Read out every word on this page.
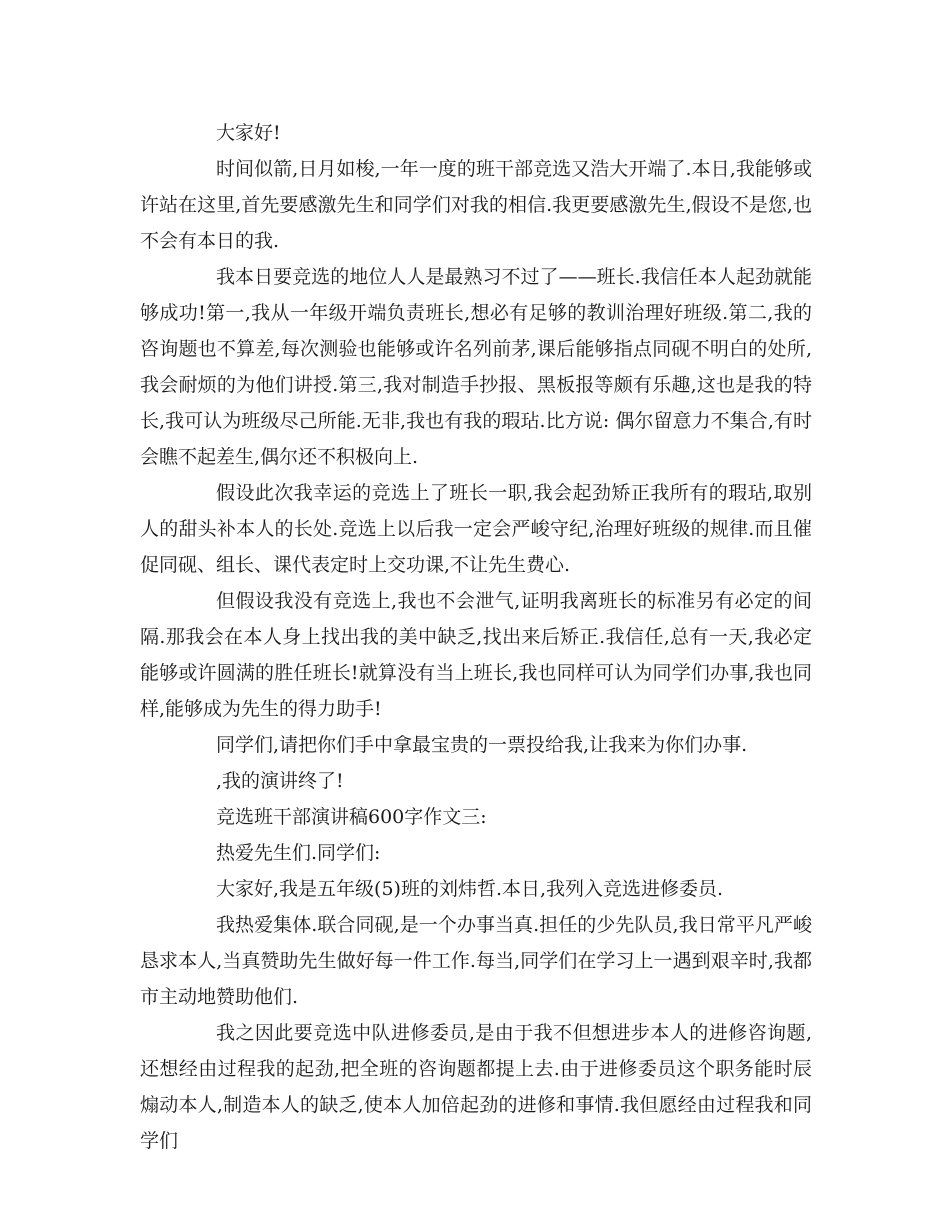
大家好!

时间似箭,日月如梭,一年一度的班干部竞选又浩大开端了.本日,我能够或许站在这里,首先要感激先生和同学们对我的相信.我更要感激先生,假设不是您,也不会有本日的我.

我本日要竞选的地位人人是最熟习不过了——班长.我信任本人起劲就能够成功!第一,我从一年级开端负责班长,想必有足够的教训治理好班级.第二,我的咨询题也不算差,每次测验也能够或许名列前茅,课后能够指点同砚不明白的处所,我会耐烦的为他们讲授.第三,我对制造手抄报、黑板报等颇有乐趣,这也是我的特长,我可认为班级尽己所能.无非,我也有我的瑕玷.比方说: 偶尔留意力不集合,有时会瞧不起差生,偶尔还不积极向上.

假设此次我幸运的竞选上了班长一职,我会起劲矫正我所有的瑕玷,取别人的甜头补本人的长处.竞选上以后我一定会严峻守纪,治理好班级的规律.而且催促同砚、组长、课代表定时上交功课,不让先生费心.

但假设我没有竞选上,我也不会泄气,证明我离班长的标准另有必定的间隔.那我会在本人身上找出我的美中缺乏,找出来后矫正.我信任,总有一天,我必定能够或许圆满的胜任班长!就算没有当上班长,我也同样可认为同学们办事,我也同样,能够成为先生的得力助手!

同学们,请把你们手中拿最宝贵的一票投给我,让我来为你们办事.

,我的演讲终了!

竞选班干部演讲稿600字作文三:

热爱先生们.同学们:

大家好,我是五年级(5)班的刘炜哲.本日,我列入竞选进修委员.

我热爱集体.联合同砚,是一个办事当真.担任的少先队员,我日常平凡严峻恳求本人,当真赞助先生做好每一件工作.每当,同学们在学习上一遇到艰辛时,我都市主动地赞助他们.

我之因此要竞选中队进修委员,是由于我不但想进步本人的进修咨询题,还想经由过程我的起劲,把全班的咨询题都提上去.由于进修委员这个职务能时辰煽动本人,制造本人的缺乏,使本人加倍起劲的进修和事情.我但愿经由过程我和同学们
